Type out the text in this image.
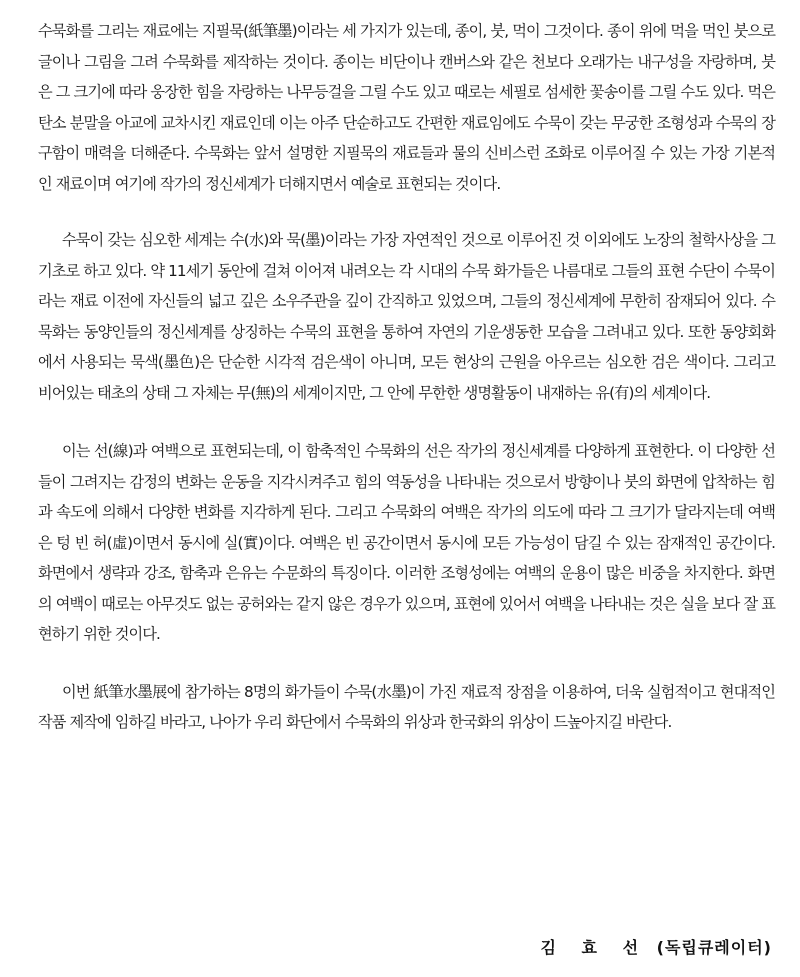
수묵화를 그리는 재료에는 지필묵(紙筆墨)이라는 세 가지가 있는데, 종이, 붓, 먹이 그것이다. 종이 위에 먹을 먹인 붓으로 글이나 그림을 그려 수묵화를 제작하는 것이다. 종이는 비단이나 캔버스와 같은 천보다 오래가는 내구성을 자랑하며, 붓은 그 크기에 따라 웅장한 힘을 자랑하는 나무등걸을 그릴 수도 있고 때로는 세필로 섬세한 꽃송이를 그릴 수도 있다. 먹은 탄소 분말을 아교에 교차시킨 재료인데 이는 아주 단순하고도 간편한 재료임에도 수묵이 갖는 무궁한 조형성과 수묵의 장구함이 매력을 더해준다. 수묵화는 앞서 설명한 지필묵의 재료들과 물의 신비스런 조화로 이루어질 수 있는 가장 기본적인 재료이며 여기에 작가의 정신세계가 더해지면서 예술로 표현되는 것이다.

수묵이 갖는 심오한 세계는 수(水)와 묵(墨)이라는 가장 자연적인 것으로 이루어진 것 이외에도 노장의 철학사상을 그 기초로 하고 있다. 약 11세기 동안에 걸쳐 이어져 내려오는 각 시대의 수묵 화가들은 나름대로 그들의 표현 수단이 수묵이라는 재료 이전에 자신들의 넓고 깊은 소우주관을 깊이 간직하고 있었으며, 그들의 정신세계에 무한히 잠재되어 있다. 수묵화는 동양인들의 정신세계를 상징하는 수묵의 표현을 통하여 자연의 기운생동한 모습을 그려내고 있다. 또한 동양회화에서 사용되는 묵색(墨色)은 단순한 시각적 검은색이 아니며, 모든 현상의 근원을 아우르는 심오한 검은 색이다. 그리고 비어있는 태초의 상태 그 자체는 무(無)의 세계이지만, 그 안에 무한한 생명활동이 내재하는 유(有)의 세계이다.

이는 선(線)과 여백으로 표현되는데, 이 함축적인 수묵화의 선은 작가의 정신세계를 다양하게 표현한다. 이 다양한 선들이 그려지는 감정의 변화는 운동을 지각시켜주고 힘의 역동성을 나타내는 것으로서 방향이나 붓의 화면에 압착하는 힘과 속도에 의해서 다양한 변화를 지각하게 된다. 그리고 수묵화의 여백은 작가의 의도에 따라 그 크기가 달라지는데 여백은 텅 빈 허(虛)이면서 동시에 실(實)이다. 여백은 빈 공간이면서 동시에 모든 가능성이 담길 수 있는 잠재적인 공간이다. 화면에서 생략과 강조, 함축과 은유는 수문화의 특징이다. 이러한 조형성에는 여백의 운용이 많은 비중을 차지한다. 화면의 여백이 때로는 아무것도 없는 공허와는 같지 않은 경우가 있으며, 표현에 있어서 여백을 나타내는 것은 실을 보다 잘 표현하기 위한 것이다.

이번 紙筆水墨展에 참가하는 8명의 화가들이 수묵(水墨)이 가진 재료적 장점을 이용하여, 더욱 실험적이고 현대적인 작품 제작에 임하길 바라고, 나아가 우리 화단에서 수묵화의 위상과 한국화의 위상이 드높아지길 바란다.

김 효 선 (독립큐레이터)
